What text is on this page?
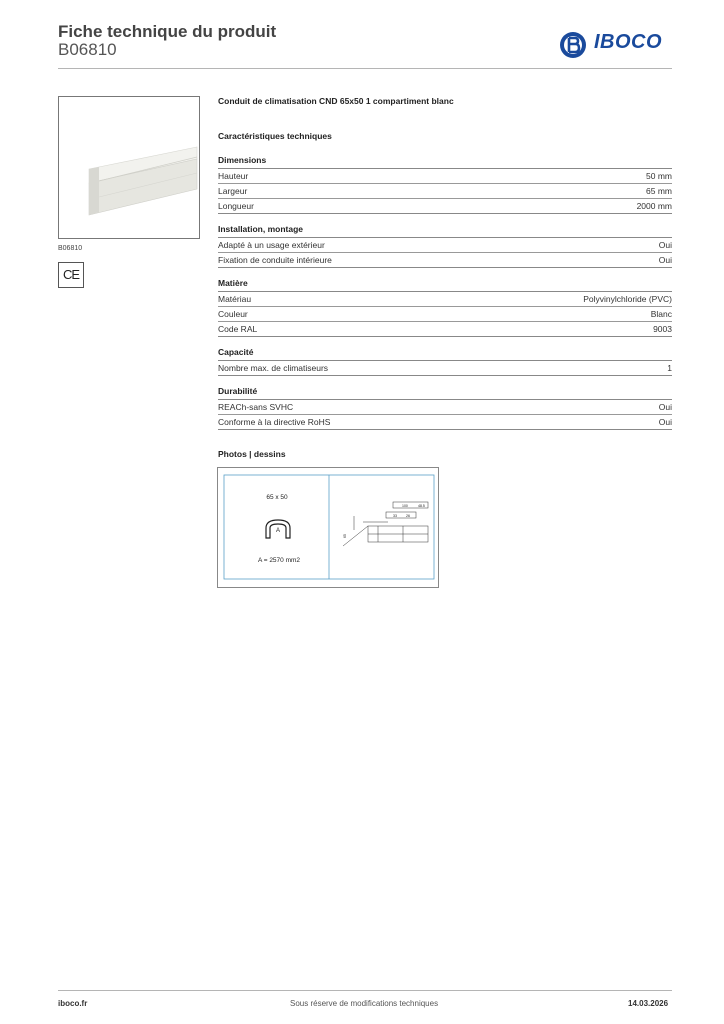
Fiche technique du produit
B06810	IBOCO
B06810
CE
Conduit de climatisation CND 65x50 1 compartiment blanc
Caractéristiques techniques
Dimensions
Hauteur	50 mm
Largeur	65 mm
Longueur	2000 mm
Installation, montage
Adapté à un usage extérieur	Oui
Fixation de conduite intérieure	Oui
Matière
Matériau	Polyvinylchloride (PVC)
Couleur	Blanc
Code RAL	9003
Capacité
Nombre max. de climatiseurs	1
Durabilité
REACh-sans SVHC	Oui
Conforme à la directive RoHS	Oui
Photos | dessins
65 x 50
A
A = 2570 mm2
100	48.5
33	26
65
iboco.fr	Sous réserve de modifications techniques	14.03.2026
